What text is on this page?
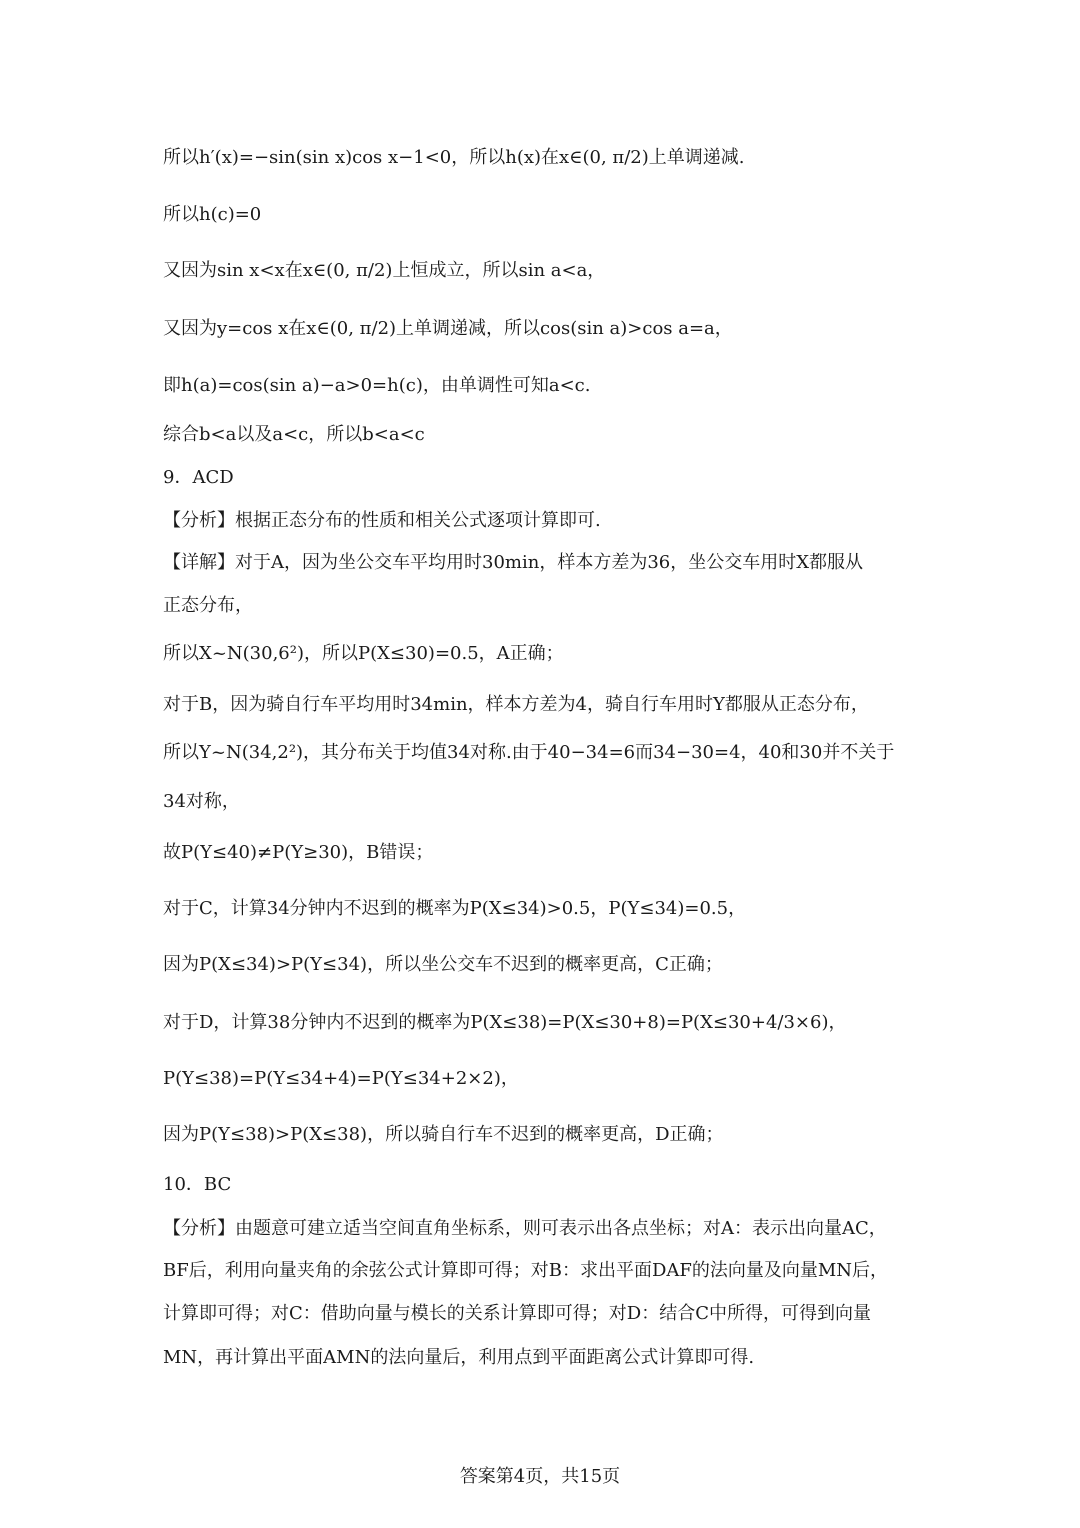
所以h′(x)=−sin(sin x)cos x−1<0，所以h(x)在x∈(0, π/2)上单调递减.
所以h(c)=0
又因为sin x<x在x∈(0, π/2)上恒成立，所以sin a<a，
又因为y=cos x在x∈(0, π/2)上单调递减，所以cos(sin a)>cos a=a，
即h(a)=cos(sin a)−a>0=h(c)，由单调性可知a<c.
综合b<a以及a<c，所以b<a<c
9．ACD
【分析】根据正态分布的性质和相关公式逐项计算即可.
【详解】对于A，因为坐公交车平均用时30min，样本方差为36，坐公交车用时X都服从
正态分布，
所以X~N(30,6²)，所以P(X≤30)=0.5，A正确；
对于B，因为骑自行车平均用时34min，样本方差为4，骑自行车用时Y都服从正态分布，
所以Y~N(34,2²)，其分布关于均值34对称.由于40−34=6而34−30=4，40和30并不关于
34对称，
故P(Y≤40)≠P(Y≥30)，B错误；
对于C，计算34分钟内不迟到的概率为P(X≤34)>0.5，P(Y≤34)=0.5，
因为P(X≤34)>P(Y≤34)，所以坐公交车不迟到的概率更高，C正确；
对于D，计算38分钟内不迟到的概率为P(X≤38)=P(X≤30+8)=P(X≤30+4/3×6)，
P(Y≤38)=P(Y≤34+4)=P(Y≤34+2×2)，
因为P(Y≤38)>P(X≤38)，所以骑自行车不迟到的概率更高，D正确；
10．BC
【分析】由题意可建立适当空间直角坐标系，则可表示出各点坐标；对A：表示出向量AC，
BF后，利用向量夹角的余弦公式计算即可得；对B：求出平面DAF的法向量及向量MN后，
计算即可得；对C：借助向量与模长的关系计算即可得；对D：结合C中所得，可得到向量
MN，再计算出平面AMN的法向量后，利用点到平面距离公式计算即可得.
答案第4页，共15页
